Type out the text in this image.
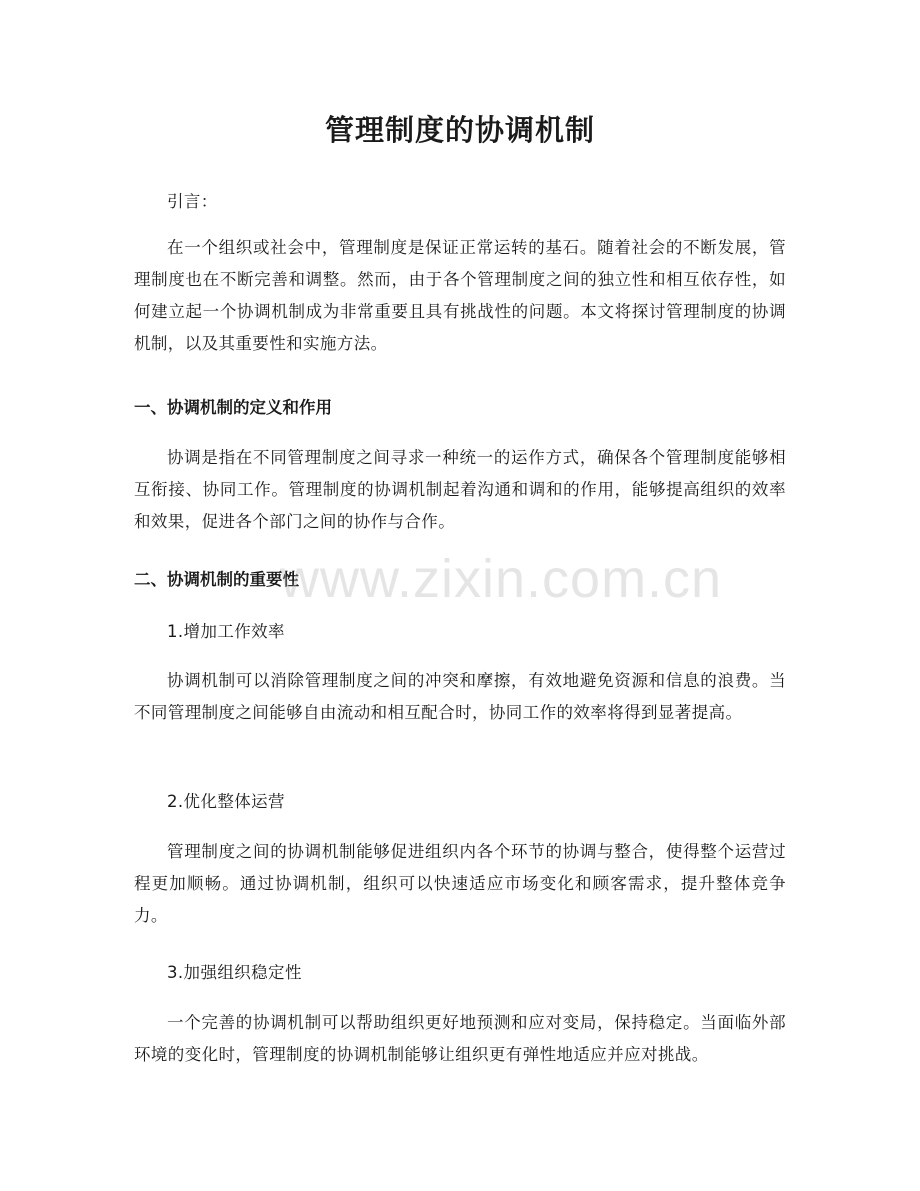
管理制度的协调机制

引言：

在一个组织或社会中，管理制度是保证正常运转的基石。随着社会的不断发展，管理制度也在不断完善和调整。然而，由于各个管理制度之间的独立性和相互依存性，如何建立起一个协调机制成为非常重要且具有挑战性的问题。本文将探讨管理制度的协调机制，以及其重要性和实施方法。

一、协调机制的定义和作用

协调是指在不同管理制度之间寻求一种统一的运作方式，确保各个管理制度能够相互衔接、协同工作。管理制度的协调机制起着沟通和调和的作用，能够提高组织的效率和效果，促进各个部门之间的协作与合作。

二、协调机制的重要性

1.增加工作效率

协调机制可以消除管理制度之间的冲突和摩擦，有效地避免资源和信息的浪费。当不同管理制度之间能够自由流动和相互配合时，协同工作的效率将得到显著提高。

2.优化整体运营

管理制度之间的协调机制能够促进组织内各个环节的协调与整合，使得整个运营过程更加顺畅。通过协调机制，组织可以快速适应市场变化和顾客需求，提升整体竞争力。

3.加强组织稳定性

一个完善的协调机制可以帮助组织更好地预测和应对变局，保持稳定。当面临外部环境的变化时，管理制度的协调机制能够让组织更有弹性地适应并应对挑战。

www.zixin.com.cn
